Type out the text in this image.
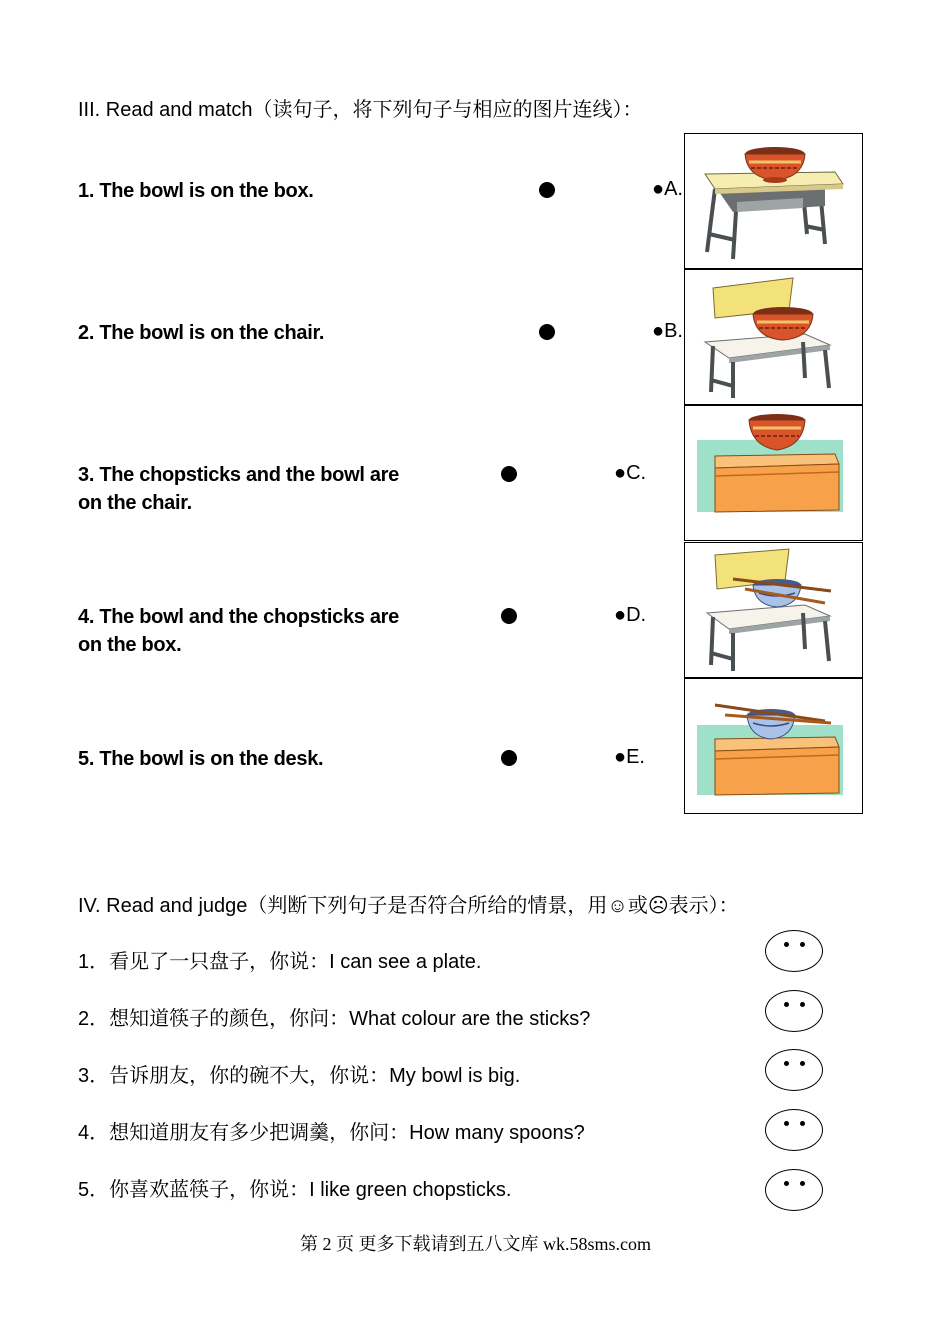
III. Read and match（读句子，将下列句子与相应的图片连线）：
1. The bowl is on the box.
2. The bowl is on the chair.
3. The chopsticks and the bowl are
on the chair.
4. The bowl and the chopsticks are
on the box.
5. The bowl is on the desk.
●A.
●B.
●C.
●D.
●E.
IV. Read and judge（判断下列句子是否符合所给的情景，用☺或☹表示）：
1．看见了一只盘子，你说：I can see a plate.
2．想知道筷子的颜色，你问：What colour are the sticks?
3．告诉朋友，你的碗不大，你说：My bowl is big.
4．想知道朋友有多少把调羹，你问：How many spoons?
5．你喜欢蓝筷子，你说：I like green chopsticks.
第 2 页 更多下载请到五八文库 wk.58sms.com
